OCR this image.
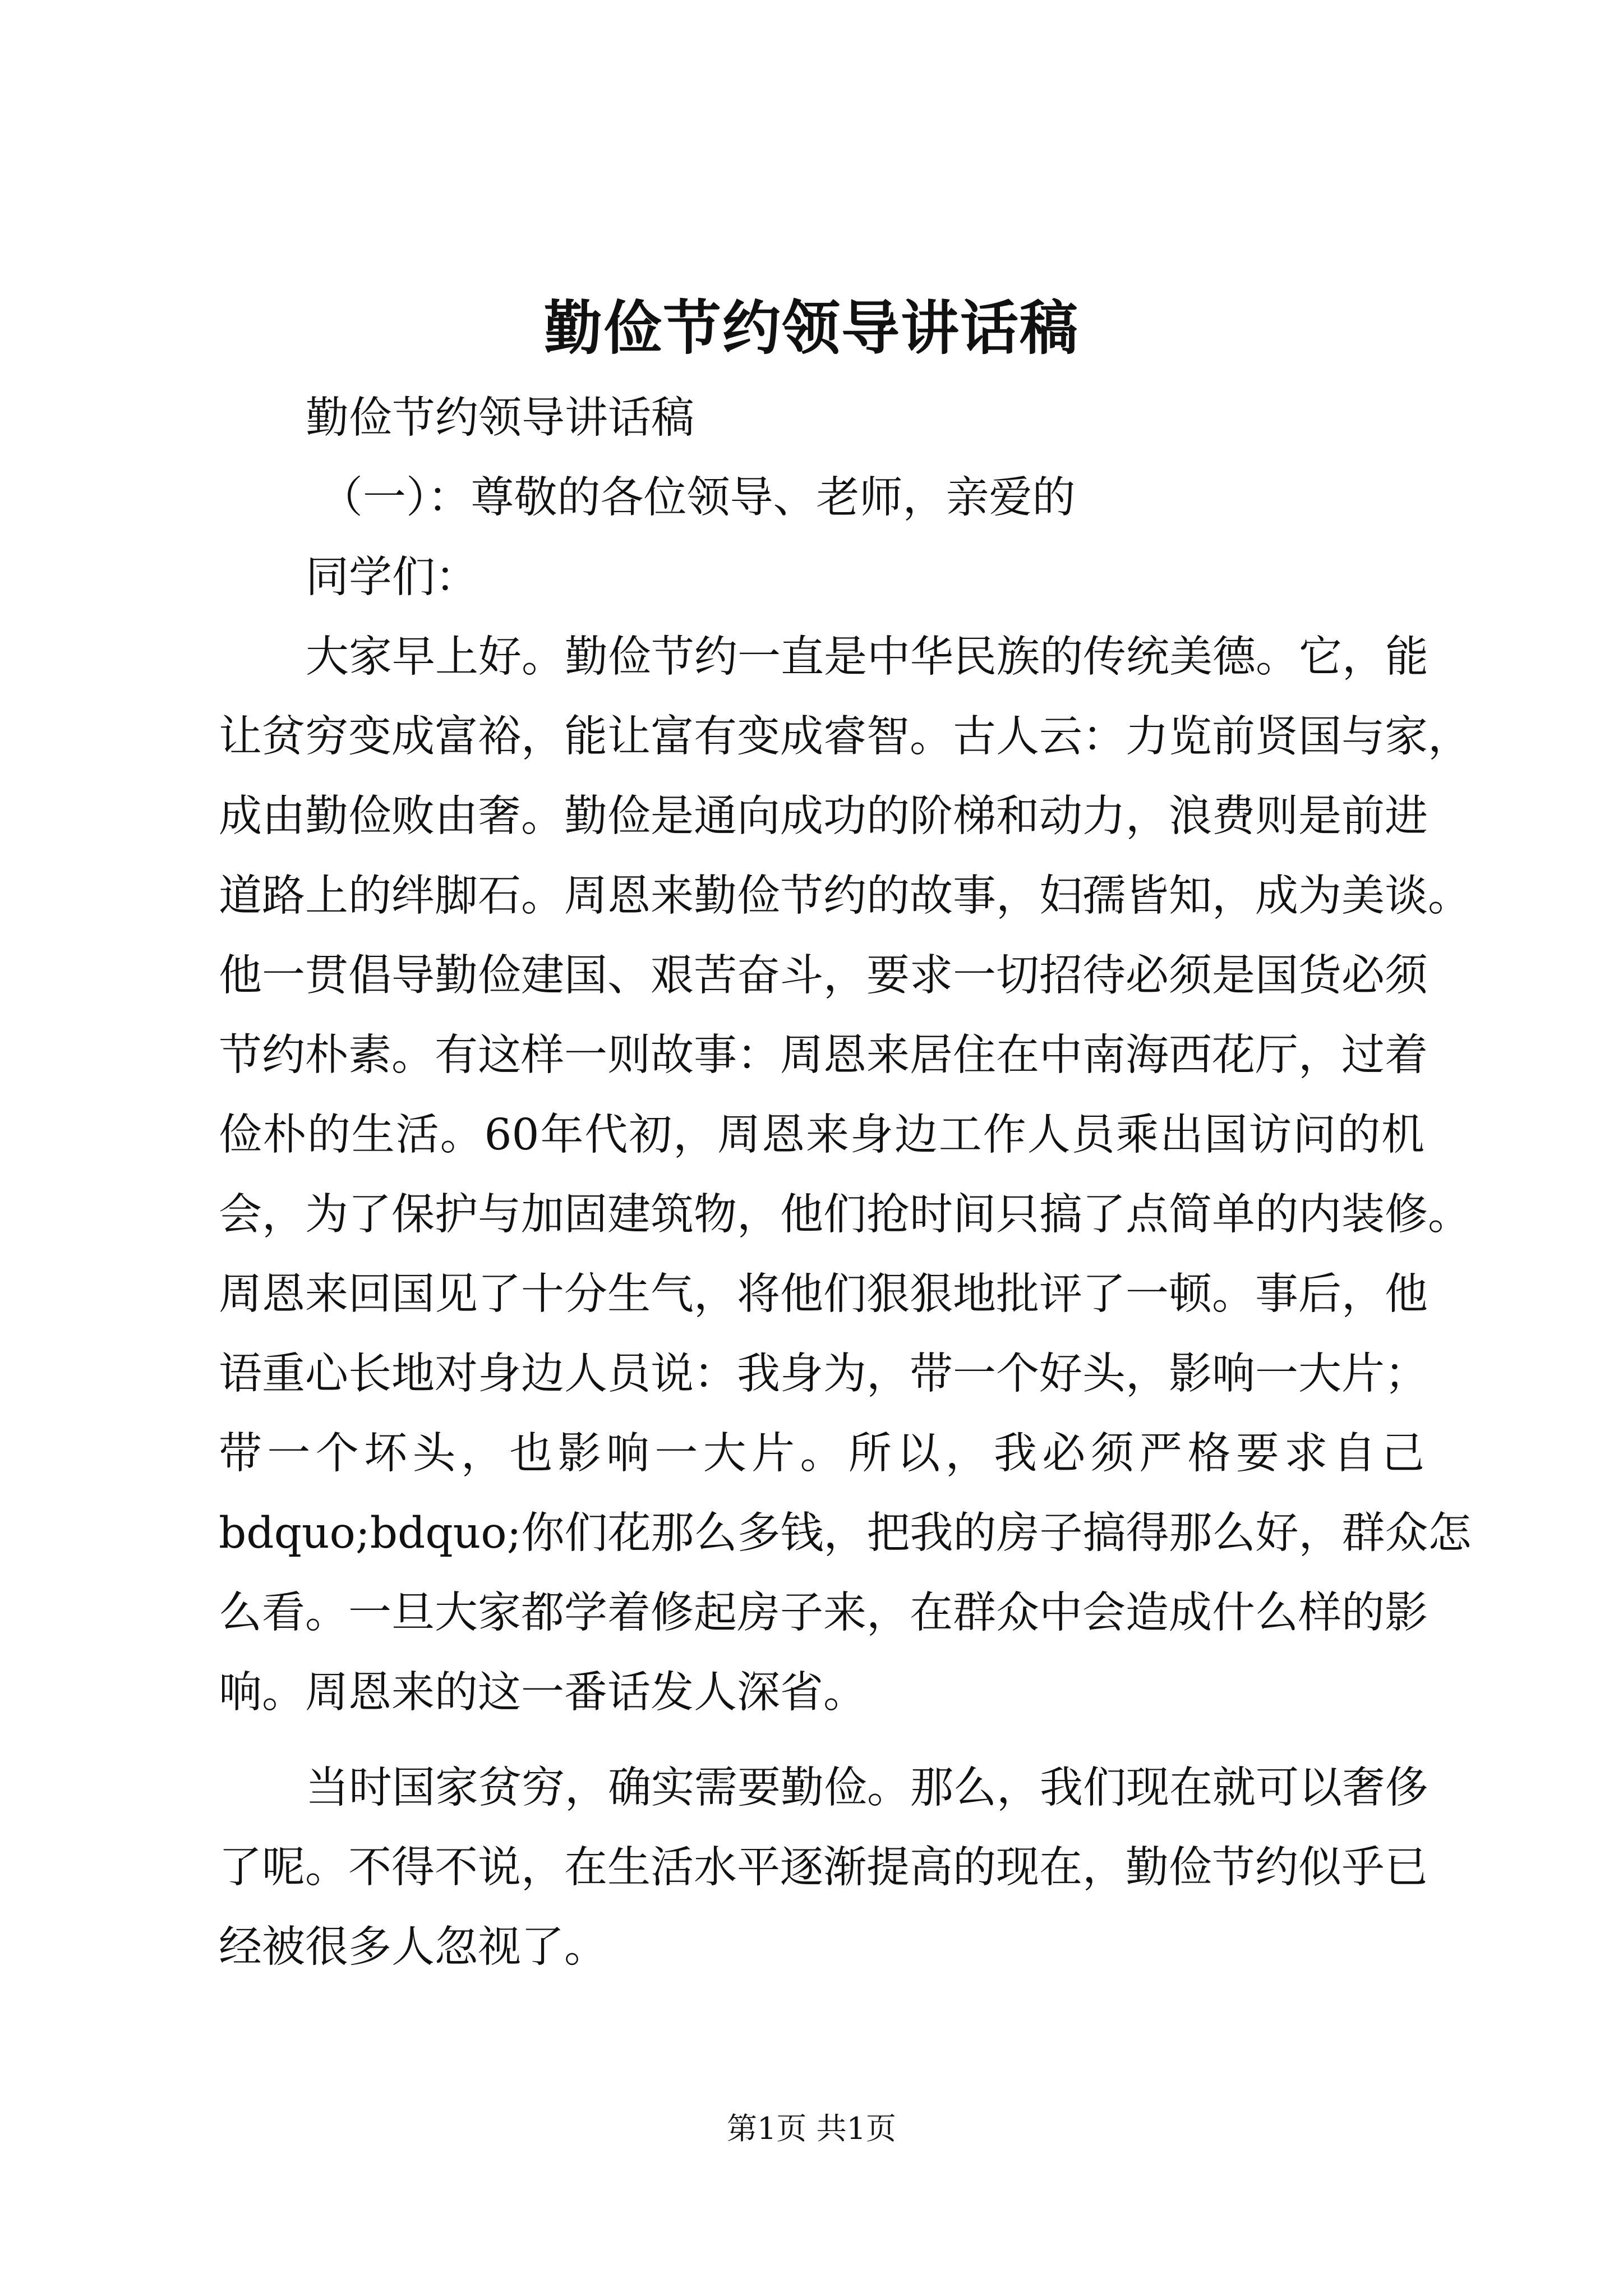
勤俭节约领导讲话稿
勤俭节约领导讲话稿
（一）：尊敬的各位领导、老师，亲爱的
同学们：
大家早上好。勤俭节约一直是中华民族的传统美德。它，能
让贫穷变成富裕，能让富有变成睿智。古人云：力览前贤国与家，
成由勤俭败由奢。勤俭是通向成功的阶梯和动力，浪费则是前进
道路上的绊脚石。周恩来勤俭节约的故事，妇孺皆知，成为美谈。
他一贯倡导勤俭建国、艰苦奋斗，要求一切招待必须是国货必须
节约朴素。有这样一则故事：周恩来居住在中南海西花厅，过着
俭朴的生活。60年代初，周恩来身边工作人员乘出国访问的机
会，为了保护与加固建筑物，他们抢时间只搞了点简单的内装修。
周恩来回国见了十分生气，将他们狠狠地批评了一顿。事后，他
语重心长地对身边人员说：我身为，带一个好头，影响一大片；
带一个坏头，也影响一大片。所以，我必须严格要求自己
bdquo;bdquo;你们花那么多钱，把我的房子搞得那么好，群众怎
么看。一旦大家都学着修起房子来，在群众中会造成什么样的影
响。周恩来的这一番话发人深省。
当时国家贫穷，确实需要勤俭。那么，我们现在就可以奢侈
了呢。不得不说，在生活水平逐渐提高的现在，勤俭节约似乎已
经被很多人忽视了。
第1页 共1页
